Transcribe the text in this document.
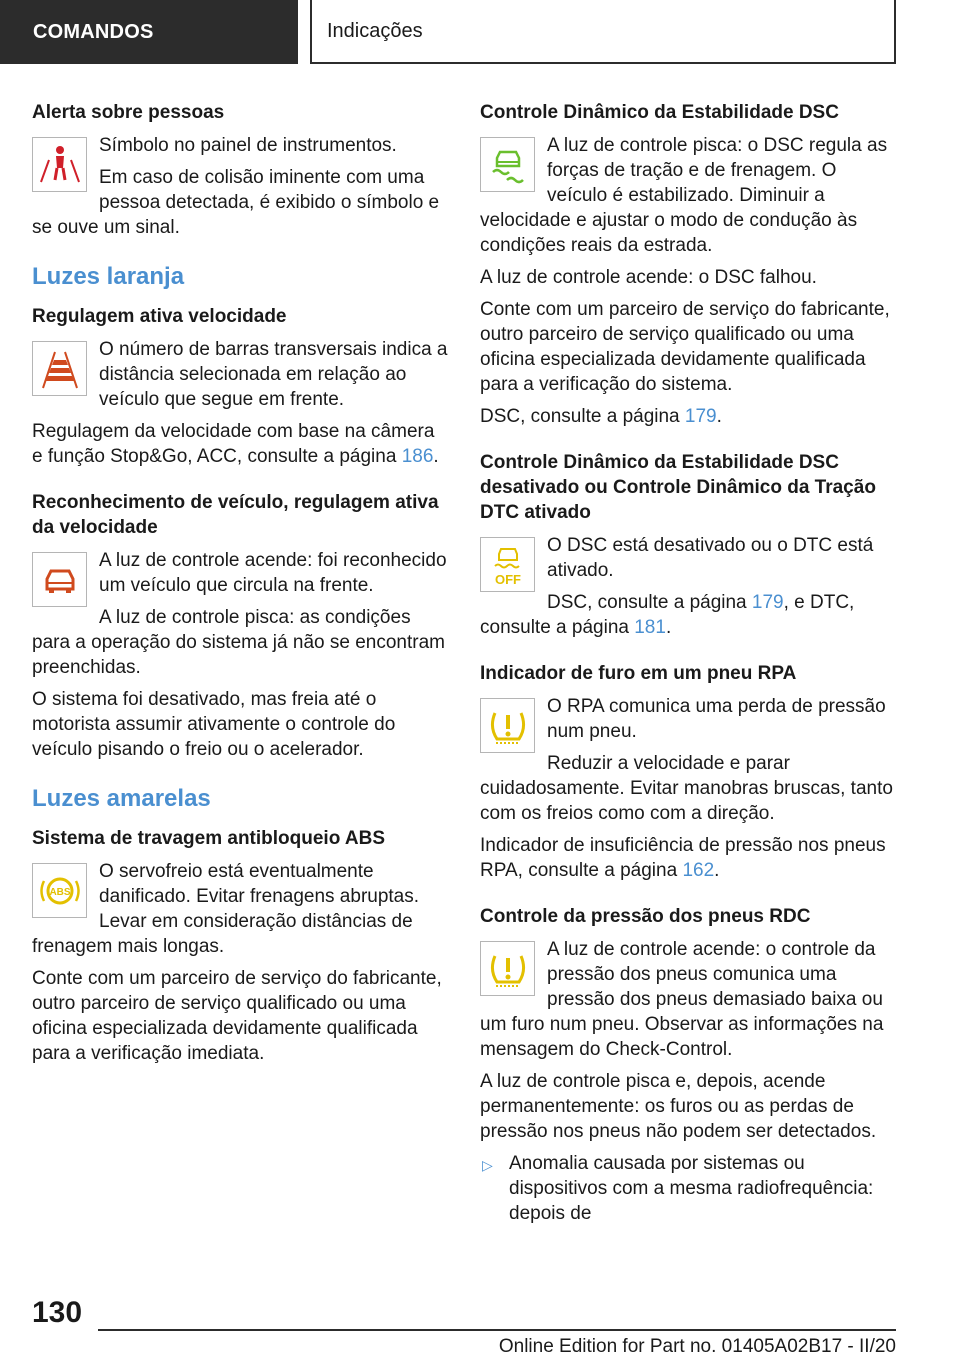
COMANDOS	Indicações
Alerta sobre pessoas

Símbolo no painel de instrumentos.

Em caso de colisão iminente com uma pessoa detectada, é exibido o símbolo e se ouve um sinal.

Luzes laranja
Regulagem ativa velocidade

O número de barras transversais indica a distância selecionada em relação ao veículo que segue em frente.

Regulagem da velocidade com base na câmera e função Stop&Go, ACC, consulte a página 186.

Reconhecimento de veículo, regulagem ativa da velocidade

A luz de controle acende: foi reconhecido um veículo que circula na frente.

A luz de controle pisca: as condições para a operação do sistema já não se encontram preenchidas.

O sistema foi desativado, mas freia até o motorista assumir ativamente o controle do veículo pisando o freio ou o acelerador.

Luzes amarelas
Sistema de travagem antibloqueio ABS
ABS

O servofreio está eventualmente danificado. Evitar frenagens abruptas. Levar em consideração distâncias de frenagem mais longas.

Conte com um parceiro de serviço do fabricante, outro parceiro de serviço qualificado ou uma oficina especializada devidamente qualificada para a verificação imediata.

Controle Dinâmico da Estabilidade DSC

A luz de controle pisca: o DSC regula as forças de tração e de frenagem. O veículo é estabilizado. Diminuir a velocidade e ajustar o modo de condução às condições reais da estrada.

A luz de controle acende: o DSC falhou.

Conte com um parceiro de serviço do fabricante, outro parceiro de serviço qualificado ou uma oficina especializada devidamente qualificada para a verificação do sistema.

DSC, consulte a página 179.

Controle Dinâmico da Estabilidade DSC desativado ou Controle Dinâmico da Tração DTC ativado
OFF

O DSC está desativado ou o DTC está ativado.

DSC, consulte a página 179, e DTC, consulte a página 181.

Indicador de furo em um pneu RPA

O RPA comunica uma perda de pressão num pneu.

Reduzir a velocidade e parar cuidadosamente. Evitar manobras bruscas, tanto com os freios como com a direção.

Indicador de insuficiência de pressão nos pneus RPA, consulte a página 162.

Controle da pressão dos pneus RDC

A luz de controle acende: o controle da pressão dos pneus comunica uma pressão dos pneus demasiado baixa ou um furo num pneu. Observar as informações na mensagem do Check-Control.

A luz de controle pisca e, depois, acende permanentemente: os furos ou as perdas de pressão nos pneus não podem ser detectados.

▷ Anomalia causada por sistemas ou dispositivos com a mesma radiofrequência: depois de

130
Online Edition for Part no. 01405A02B17 - II/20
